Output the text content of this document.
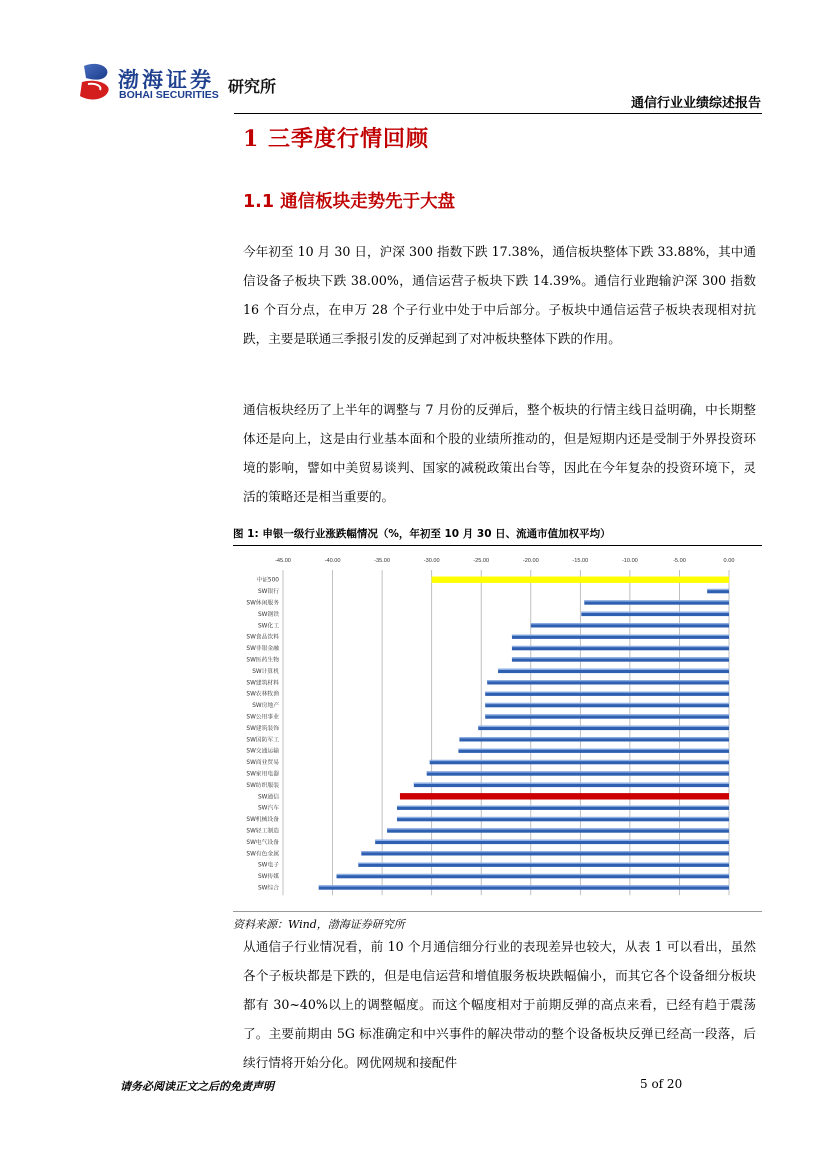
渤海证券
BOHAI SECURITIES 研究所
通信行业业绩综述报告
1 三季度行情回顾
1.1 通信板块走势先于大盘

今年初至 10 月 30 日，沪深 300 指数下跌 17.38%，通信板块整体下跌 33.88%，其中通信设备子板块下跌 38.00%，通信运营子板块下跌 14.39%。通信行业跑输沪深 300 指数 16 个百分点，在申万 28 个子行业中处于中后部分。子板块中通信运营子板块表现相对抗跌，主要是联通三季报引发的反弹起到了对冲板块整体下跌的作用。

通信板块经历了上半年的调整与 7 月份的反弹后，整个板块的行情主线日益明确，中长期整体还是向上，这是由行业基本面和个股的业绩所推动的，但是短期内还是受制于外界投资环境的影响，譬如中美贸易谈判、国家的减税政策出台等，因此在今年复杂的投资环境下，灵活的策略还是相当重要的。

图 1: 申银一级行业涨跌幅情况（%，年初至 10 月 30 日、流通市值加权平均）
-45.00	-40.00	-35.00	-30.00	-25.00	-20.00	-15.00	-10.00	-5.00	0.00
中证500
SW银行
SW休闲服务
SW钢铁
SW化工
SW食品饮料
SW非银金融
SW医药生物
SW计算机
SW建筑材料
SW农林牧渔
SW房地产
SW公用事业
SW建筑装饰
SW国防军工
SW交通运输
SW商业贸易
SW家用电器
SW纺织服装
SW通信
SW汽车
SW机械设备
SW轻工制造
SW电气设备
SW有色金属
SW电子
SW传媒
SW综合
资料来源：Wind，渤海证券研究所

从通信子行业情况看，前 10 个月通信细分行业的表现差异也较大，从表 1 可以看出，虽然各个子板块都是下跌的，但是电信运营和增值服务板块跌幅偏小，而其它各个设备细分板块都有 30~40%以上的调整幅度。而这个幅度相对于前期反弹的高点来看，已经有趋于震荡了。主要前期由 5G 标准确定和中兴事件的解决带动的整个设备板块反弹已经高一段落，后续行情将开始分化。网优网规和接配件

请务必阅读正文之后的免责声明	5 of 20
